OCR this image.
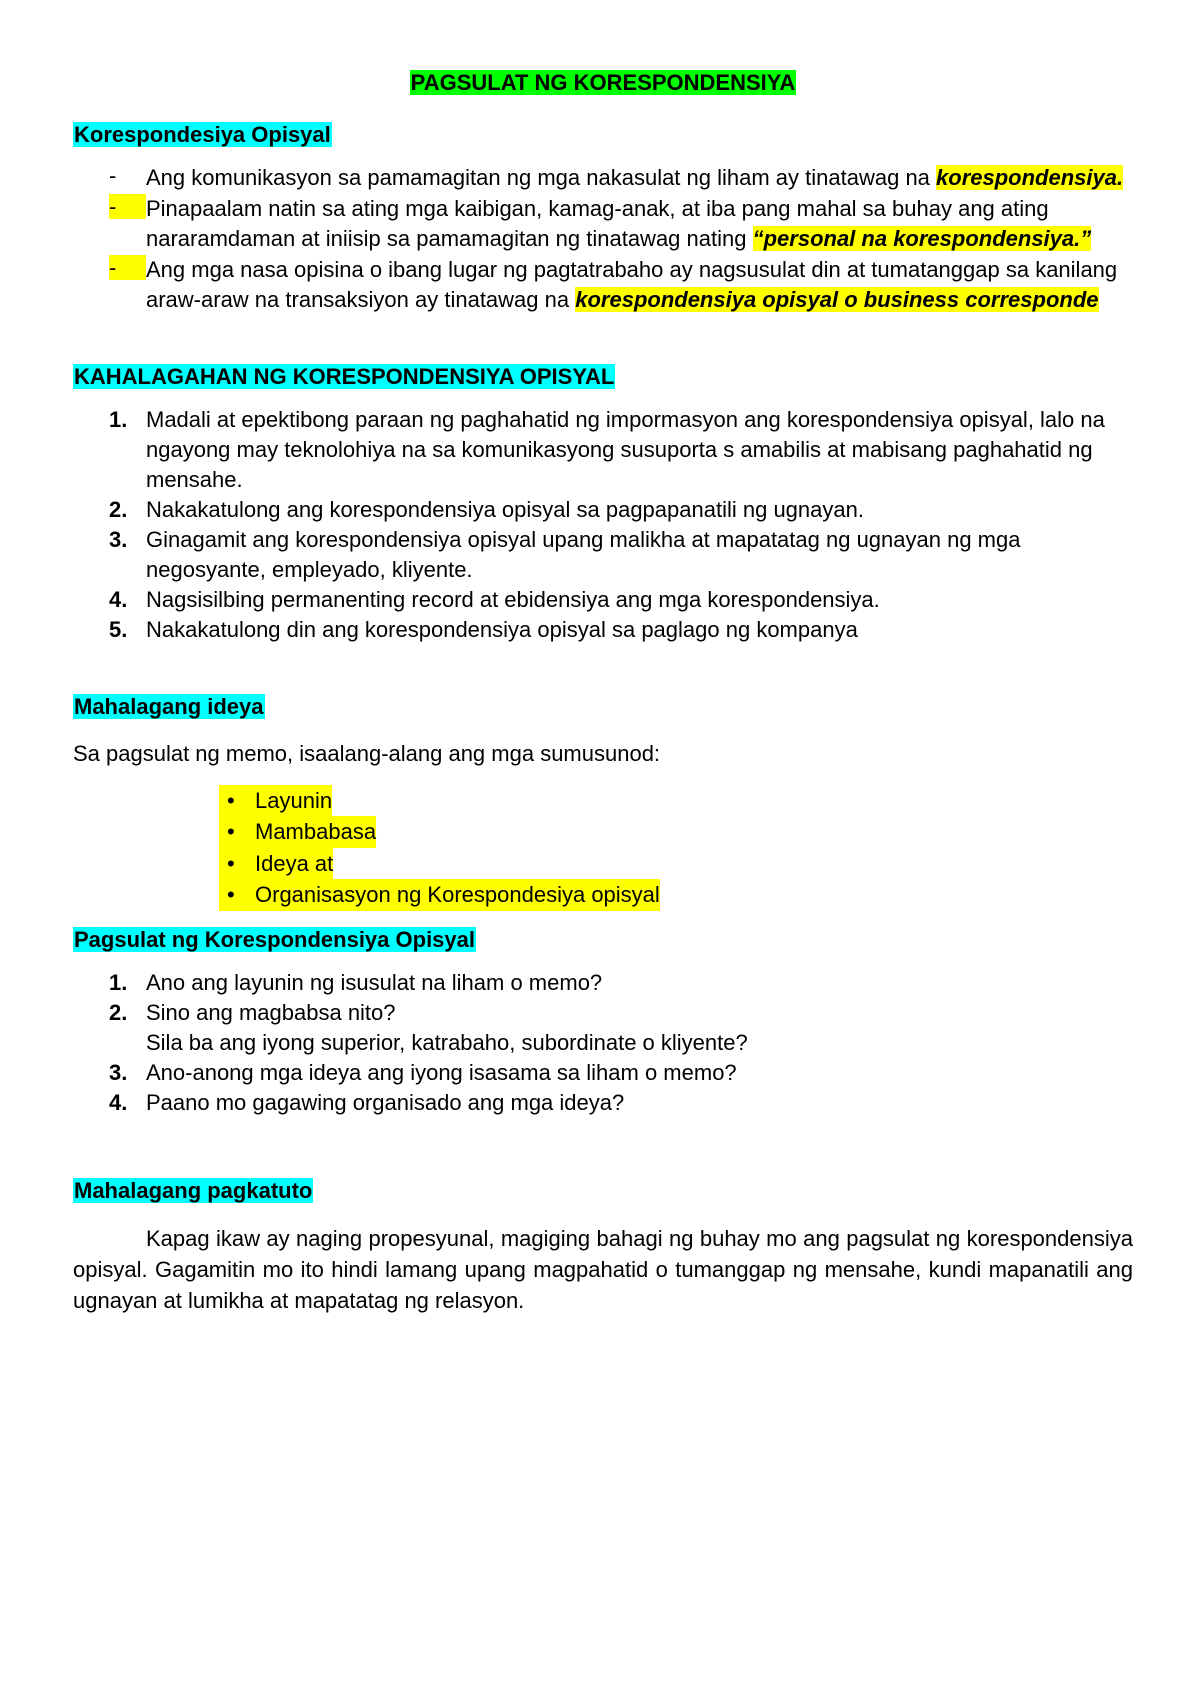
PAGSULAT NG KORESPONDENSIYA

Korespondesiya Opisyal

-	Ang komunikasyon sa pamamagitan ng mga nakasulat ng liham ay tinatawag na korespondensiya.
-	Pinapaalam natin sa ating mga kaibigan, kamag-anak, at iba pang mahal sa buhay ang ating nararamdaman at iniisip sa pamamagitan ng tinatawag nating “personal na korespondensiya.”
-	Ang mga nasa opisina o ibang lugar ng pagtatrabaho ay nagsusulat din at tumatanggap sa kanilang araw-araw na transaksiyon ay tinatawag na korespondensiya opisyal o business corresponde

KAHALAGAHAN NG KORESPONDENSIYA OPISYAL

1. Madali at epektibong paraan ng paghahatid ng impormasyon ang korespondensiya opisyal, lalo na ngayong may teknolohiya na sa komunikasyong susuporta s amabilis at mabisang paghahatid ng mensahe.
2. Nakakatulong ang korespondensiya opisyal sa pagpapanatili ng ugnayan.
3. Ginagamit ang korespondensiya opisyal upang malikha at mapatatag ng ugnayan ng mga negosyante, empleyado, kliyente.
4. Nagsisilbing permanenting record at ebidensiya ang mga korespondensiya.
5. Nakakatulong din ang korespondensiya opisyal sa paglago ng kompanya

Mahalagang ideya

Sa pagsulat ng memo, isaalang-alang ang mga sumusunod:

• Layunin
• Mambabasa
• Ideya at
• Organisasyon ng Korespondesiya opisyal

Pagsulat ng Korespondensiya Opisyal

1. Ano ang layunin ng isusulat na liham o memo?
2. Sino ang magbabsa nito?
Sila ba ang iyong superior, katrabaho, subordinate o kliyente?
3. Ano-anong mga ideya ang iyong isasama sa liham o memo?
4. Paano mo gagawing organisado ang mga ideya?

Mahalagang pagkatuto

Kapag ikaw ay naging propesyunal, magiging bahagi ng buhay mo ang pagsulat ng korespondensiya opisyal. Gagamitin mo ito hindi lamang upang magpahatid o tumanggap ng mensahe, kundi mapanatili ang ugnayan at lumikha at mapatatag ng relasyon.
